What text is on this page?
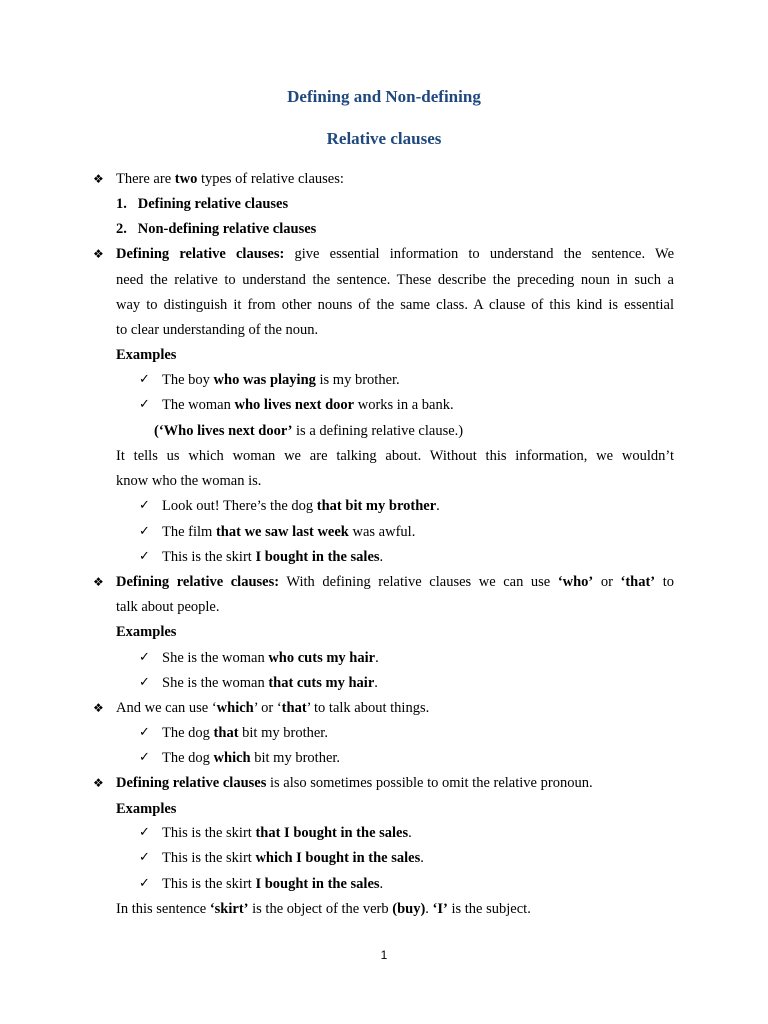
Defining and Non-defining
Relative clauses
❖ There are two types of relative clauses:
1. Defining relative clauses
2. Non-defining relative clauses
❖ Defining relative clauses: give essential information to understand the sentence. We
need the relative to understand the sentence. These describe the preceding noun in such a
way to distinguish it from other nouns of the same class. A clause of this kind is essential
to clear understanding of the noun.
Examples
✓ The boy who was playing is my brother.
✓ The woman who lives next door works in a bank.
(‘Who lives next door’ is a defining relative clause.)
It tells us which woman we are talking about. Without this information, we wouldn’t
know who the woman is.
✓ Look out! There’s the dog that bit my brother.
✓ The film that we saw last week was awful.
✓ This is the skirt I bought in the sales.
❖ Defining relative clauses: With defining relative clauses we can use ‘who’ or ‘that’ to
talk about people.
Examples
✓ She is the woman who cuts my hair.
✓ She is the woman that cuts my hair.
❖ And we can use ‘which’ or ‘that’ to talk about things.
✓ The dog that bit my brother.
✓ The dog which bit my brother.
❖ Defining relative clauses is also sometimes possible to omit the relative pronoun.
Examples
✓ This is the skirt that I bought in the sales.
✓ This is the skirt which I bought in the sales.
✓ This is the skirt I bought in the sales.
In this sentence ‘skirt’ is the object of the verb (buy). ‘I’ is the subject.
1
